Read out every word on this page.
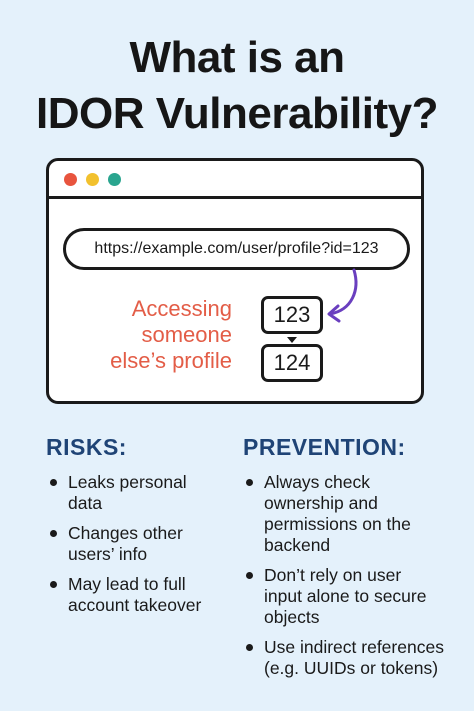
What is an
IDOR Vulnerability?
https://example.com/user/profile?id=123
Accessing
someone
else’s profile
123
124
RISKS:	PREVENTION:
Leaks personal
data
Changes other
users’ info
May lead to full
account takeover
Always check
ownership and
permissions on the
backend
Don’t rely on user
input alone to secure
objects
Use indirect references
(e.g. UUIDs or tokens)
